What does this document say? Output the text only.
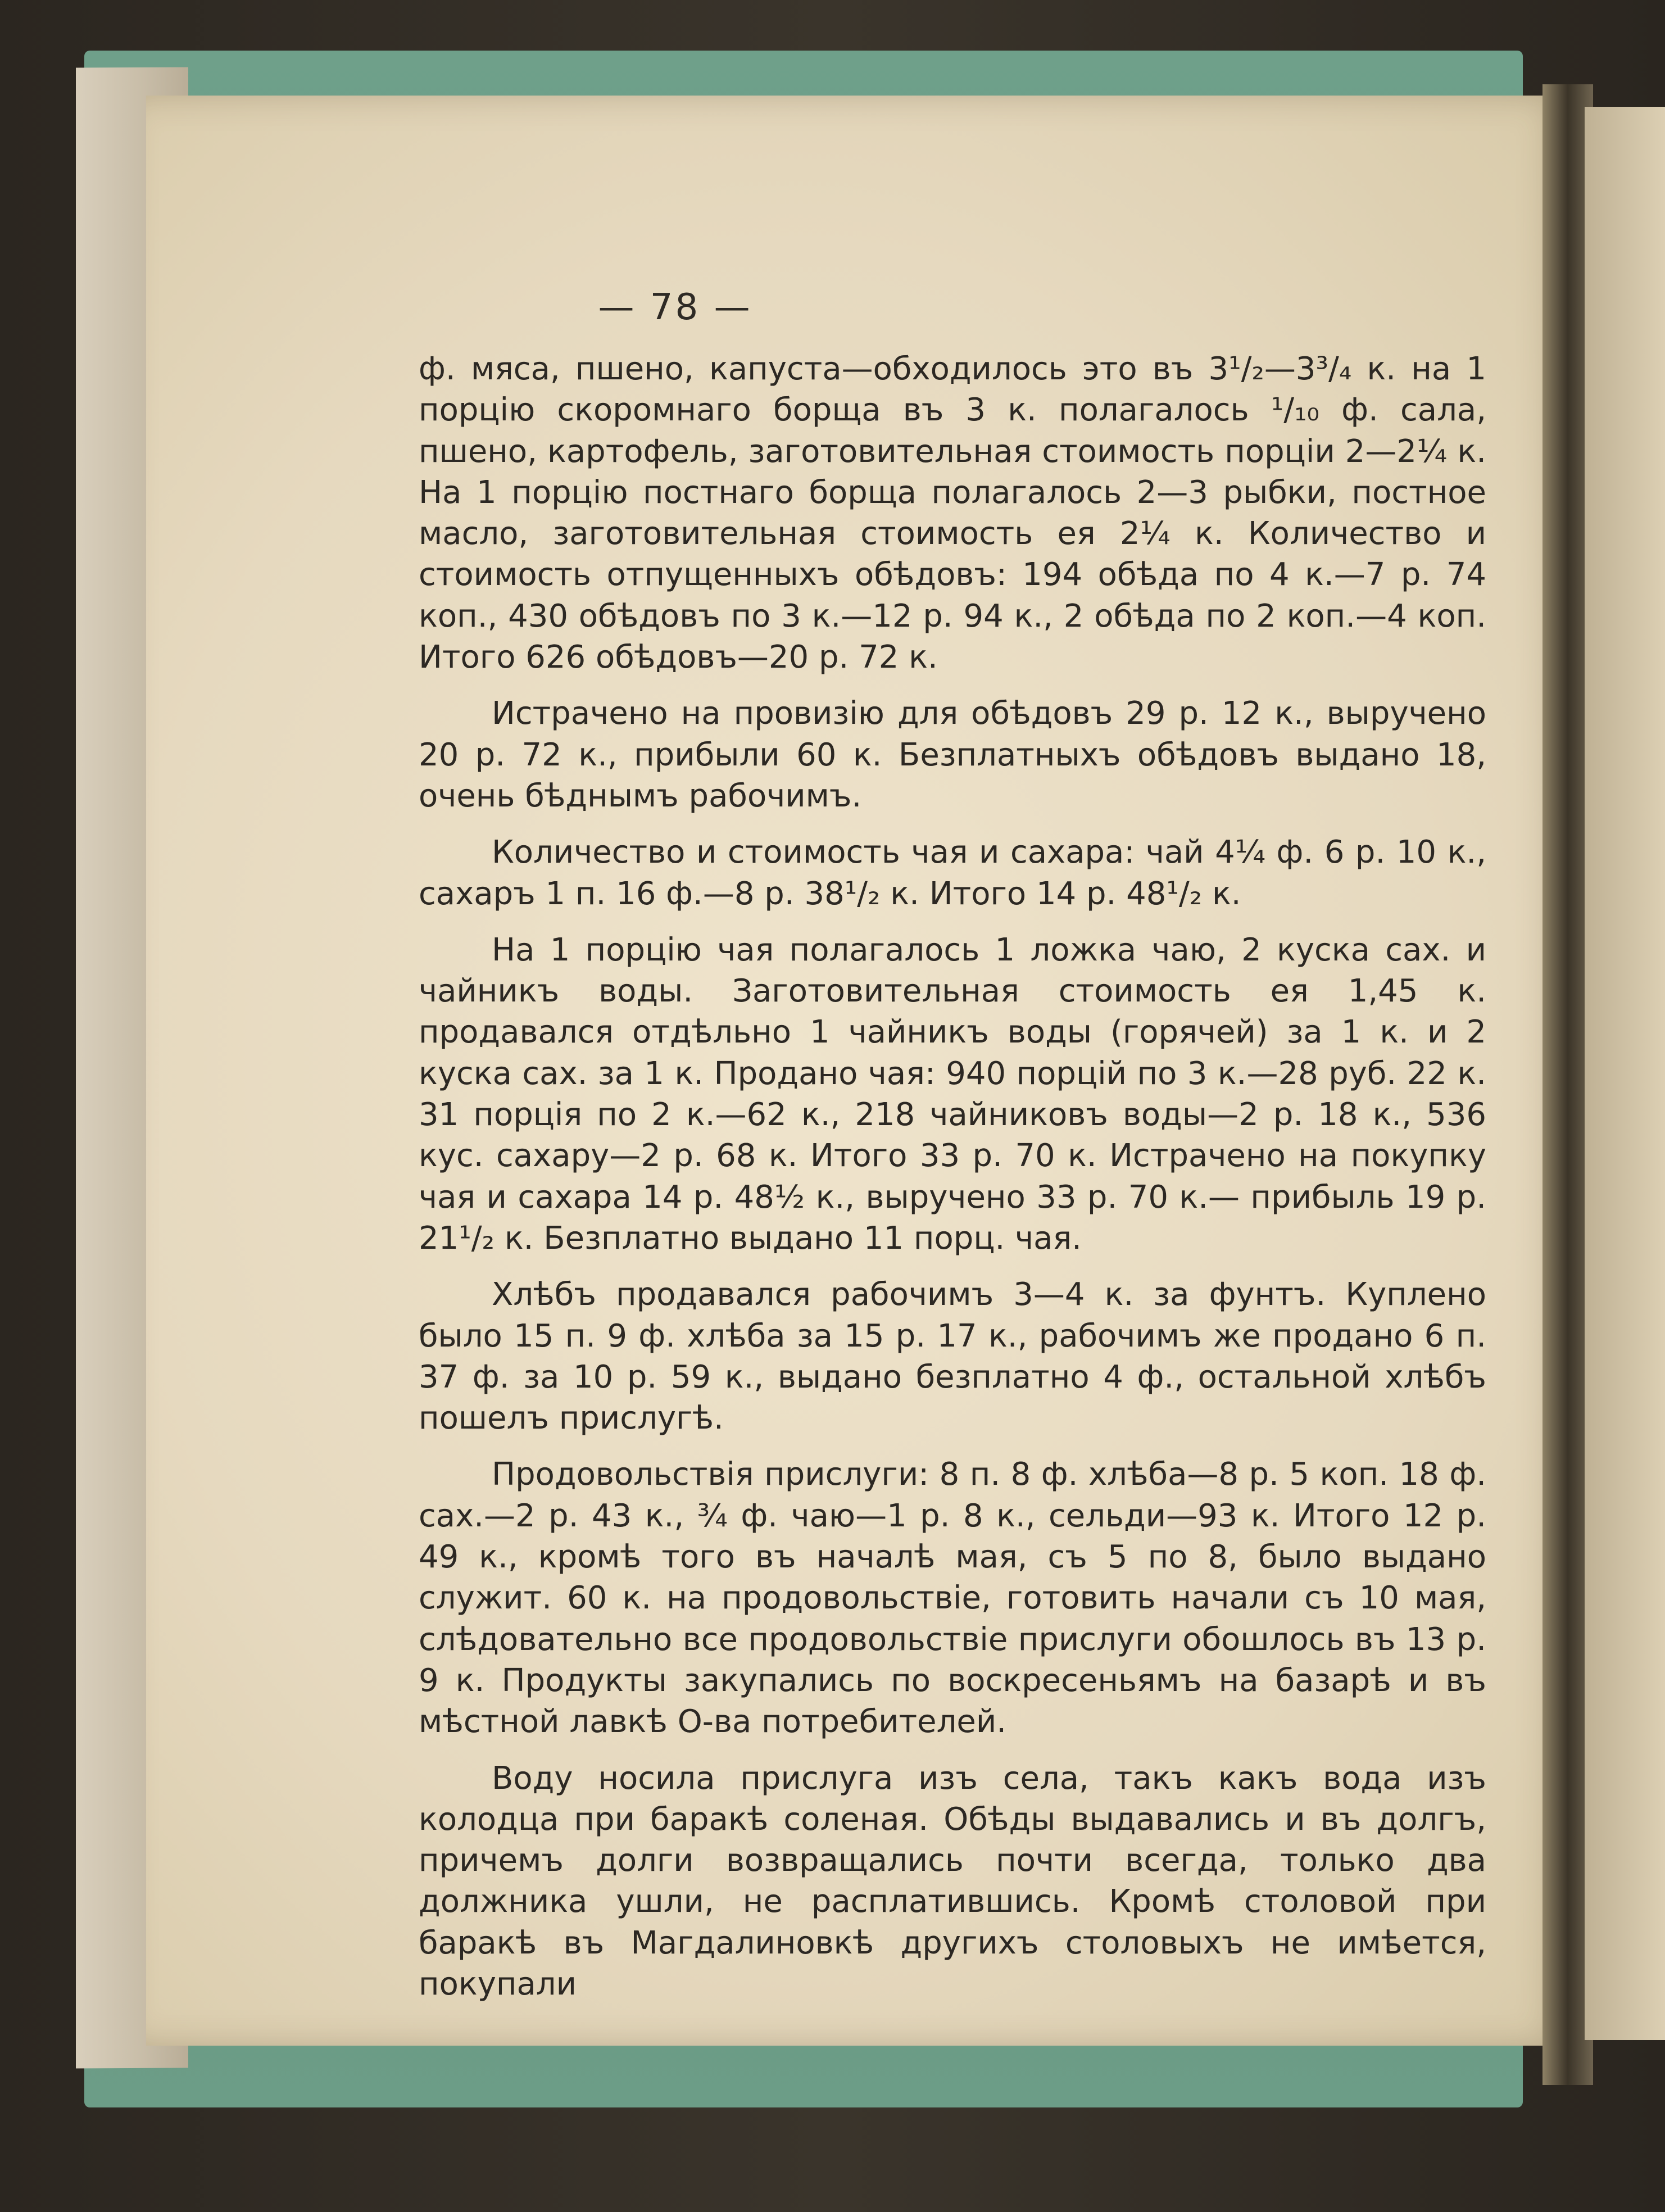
— 78 —

ф. мяса, пшено, капуста—обходилось это въ 3¹/₂—3³/₄ к. на 1 порцію скоромнаго борща въ 3 к. полагалось ¹/₁₀ ф. сала, пшено, картофель, заготовительная стоимость порціи 2—2¼ к. На 1 порцію постнаго борща полагалось 2—3 рыбки, постное масло, заготовительная стоимость ея 2¼ к. Количество и стоимость отпущенныхъ обѣдовъ: 194 обѣда по 4 к.—7 р. 74 коп., 430 обѣдовъ по 3 к.—12 р. 94 к., 2 обѣда по 2 коп.—4 коп. Итого 626 обѣдовъ—20 р. 72 к.

Истрачено на провизію для обѣдовъ 29 р. 12 к., выручено 20 р. 72 к., прибыли 60 к. Безплатныхъ обѣдовъ выдано 18, очень бѣднымъ рабочимъ.

Количество и стоимость чая и сахара: чай 4¼ ф. 6 р. 10 к., сахаръ 1 п. 16 ф.—8 р. 38¹/₂ к. Итого 14 р. 48¹/₂ к.

На 1 порцію чая полагалось 1 ложка чаю, 2 куска сах. и чайникъ воды. Заготовительная стоимость ея 1,45 к. продавался отдѣльно 1 чайникъ воды (горячей) за 1 к. и 2 куска сах. за 1 к. Продано чая: 940 порцій по 3 к.—28 руб. 22 к. 31 порція по 2 к.—62 к., 218 чайниковъ воды—2 р. 18 к., 536 кус. сахару—2 р. 68 к. Итого 33 р. 70 к. Истрачено на покупку чая и сахара 14 р. 48½ к., выручено 33 р. 70 к.— прибыль 19 р. 21¹/₂ к. Безплатно выдано 11 порц. чая.

Хлѣбъ продавался рабочимъ 3—4 к. за фунтъ. Куплено было 15 п. 9 ф. хлѣба за 15 р. 17 к., рабочимъ же продано 6 п. 37 ф. за 10 р. 59 к., выдано безплатно 4 ф., остальной хлѣбъ пошелъ прислугѣ.

Продовольствія прислуги: 8 п. 8 ф. хлѣба—8 р. 5 коп. 18 ф. сах.—2 р. 43 к., ¾ ф. чаю—1 р. 8 к., сельди—93 к. Итого 12 р. 49 к., кромѣ того въ началѣ мая, съ 5 по 8, было выдано служит. 60 к. на продовольствіе, готовить начали съ 10 мая, слѣдовательно все продовольствіе прислуги обошлось въ 13 р. 9 к. Продукты закупались по воскресеньямъ на базарѣ и въ мѣстной лавкѣ О-ва потребителей.

Воду носила прислуга изъ села, такъ какъ вода изъ колодца при баракѣ соленая. Обѣды выдавались и въ долгъ, причемъ долги возвращались почти всегда, только два должника ушли, не расплатившись. Кромѣ столовой при баракѣ въ Магдалиновкѣ другихъ столовыхъ не имѣется, покупали
